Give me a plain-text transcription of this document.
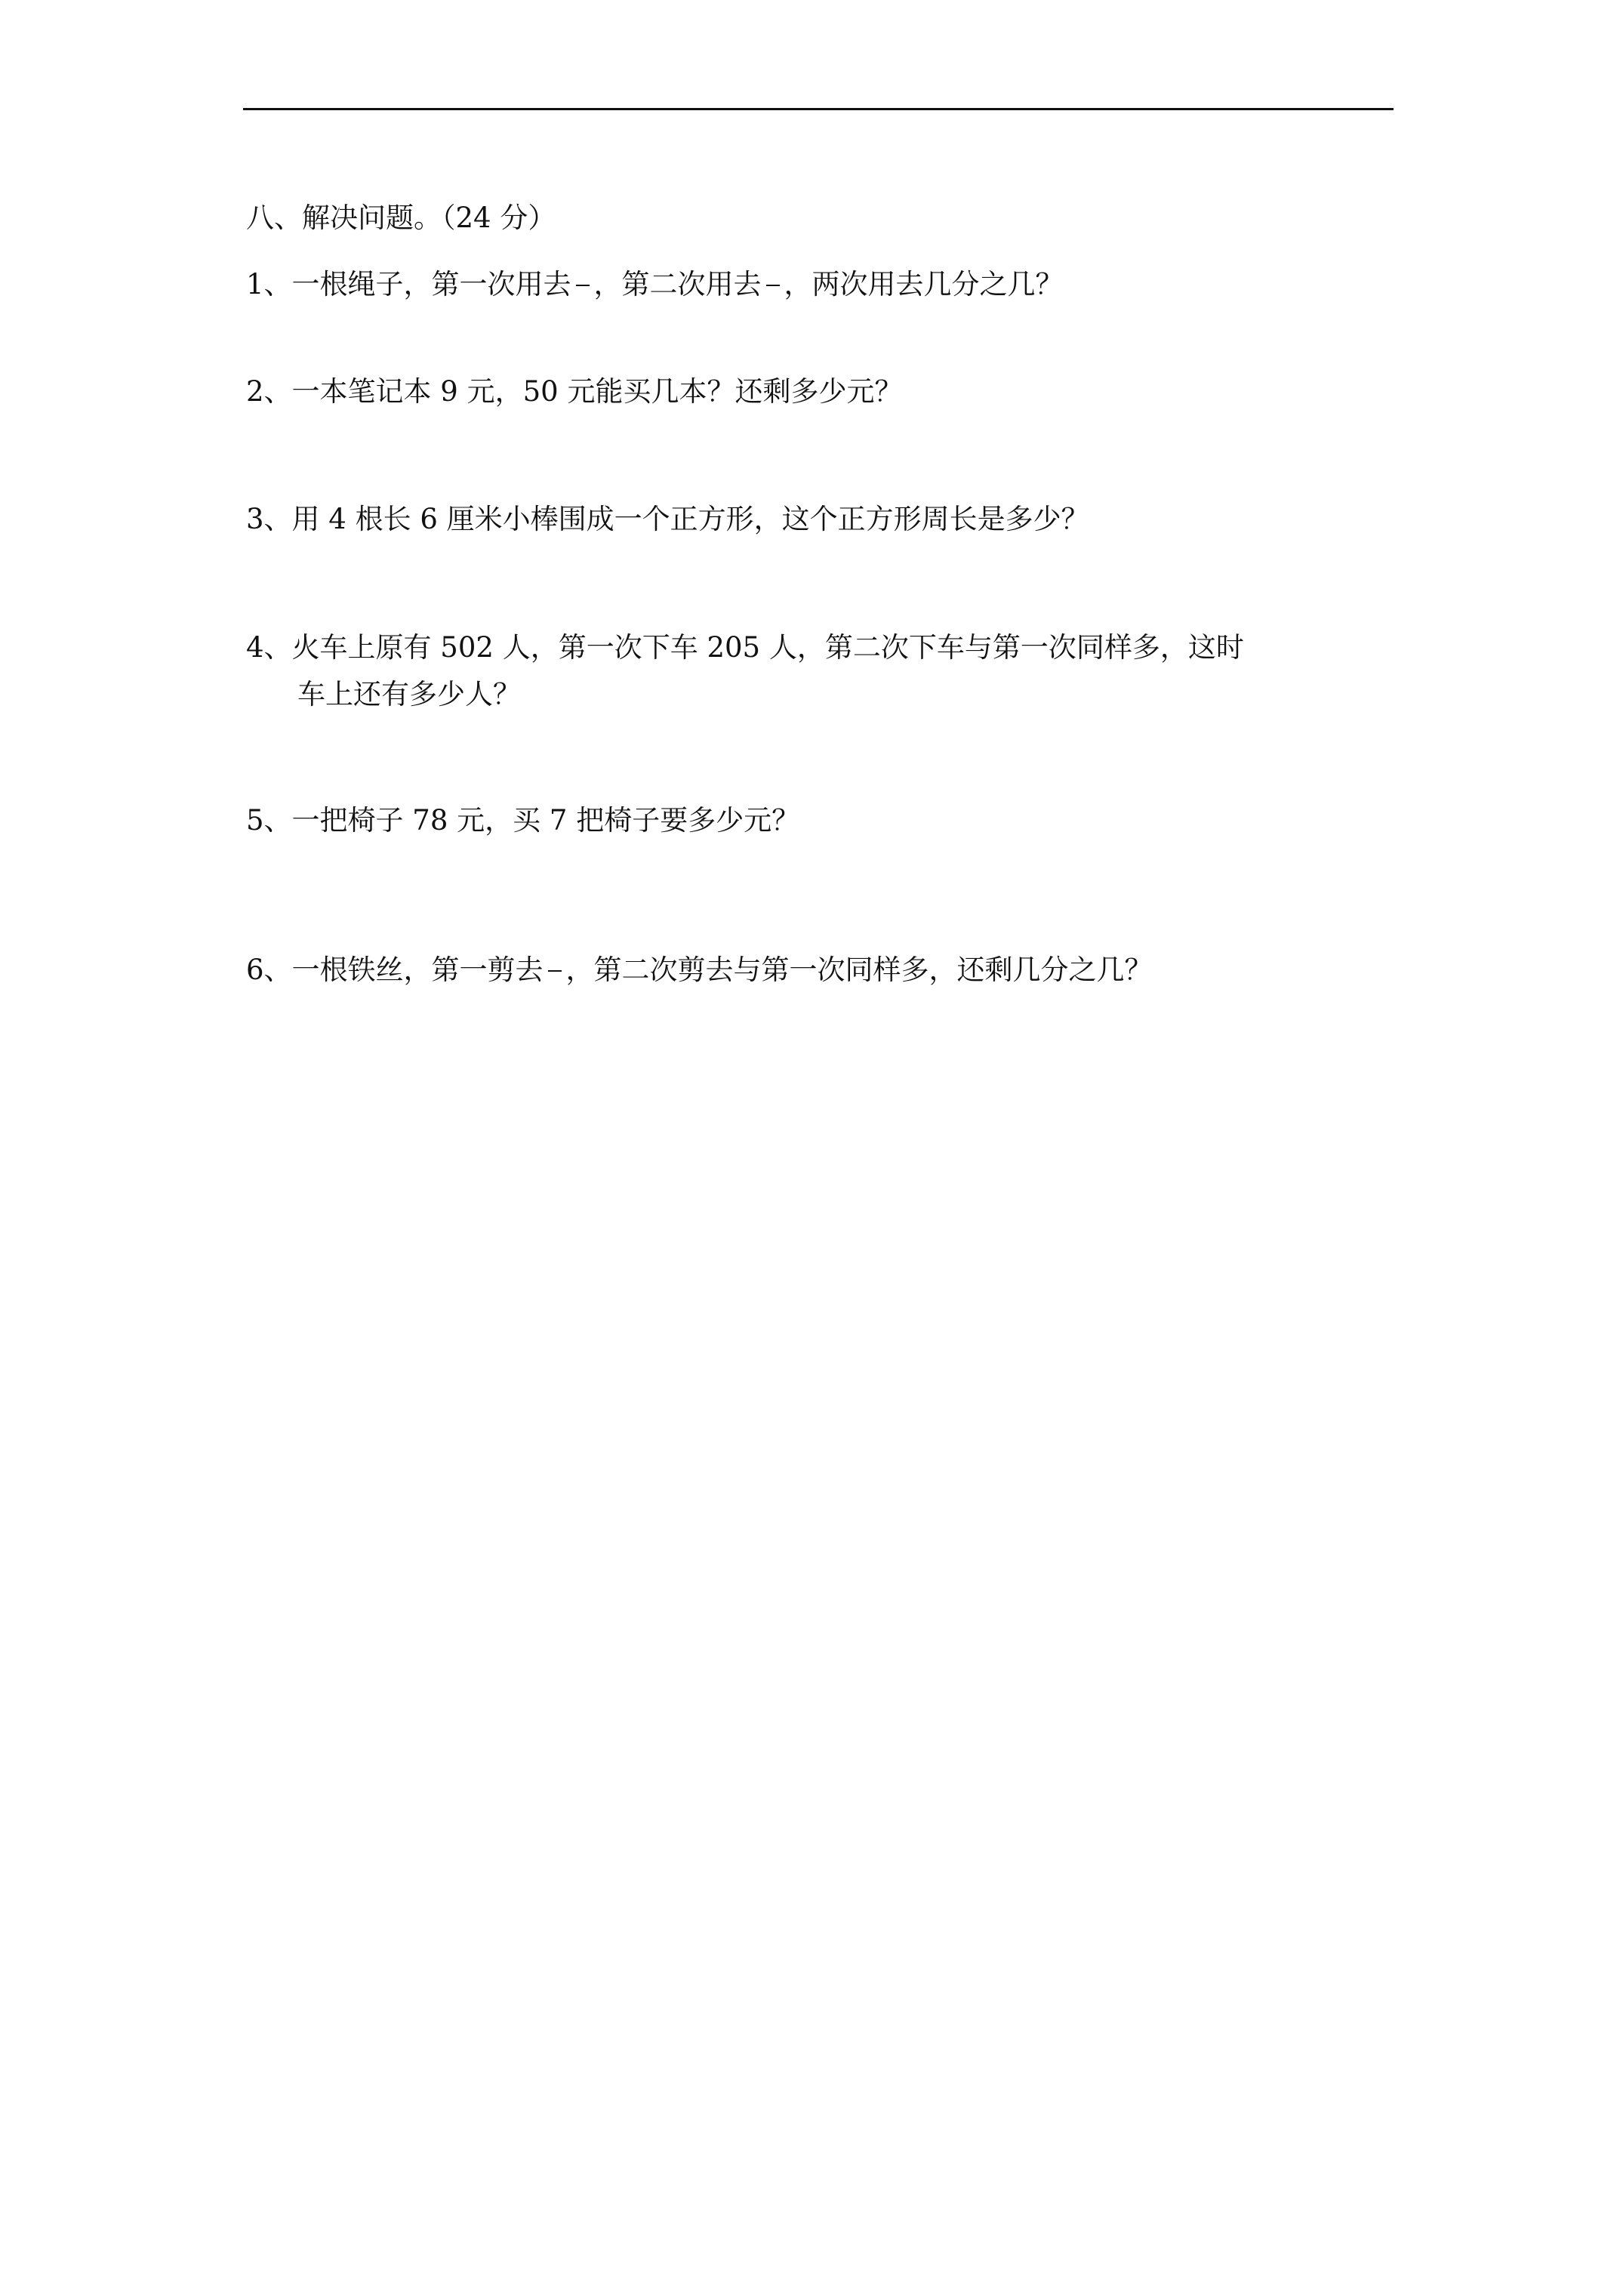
八、解决问题。（24 分）
1、一根绳子，第一次用去 ，第二次用去 ，两次用去几分之几？
2、一本笔记本 9 元，50 元能买几本？还剩多少元？
3、用 4 根长 6 厘米小棒围成一个正方形，这个正方形周长是多少？
4、火车上原有 502 人，第一次下车 205 人，第二次下车与第一次同样多，这时
车上还有多少人？
5、一把椅子 78 元，买 7 把椅子要多少元？
6、一根铁丝，第一剪去 ，第二次剪去与第一次同样多，还剩几分之几？
